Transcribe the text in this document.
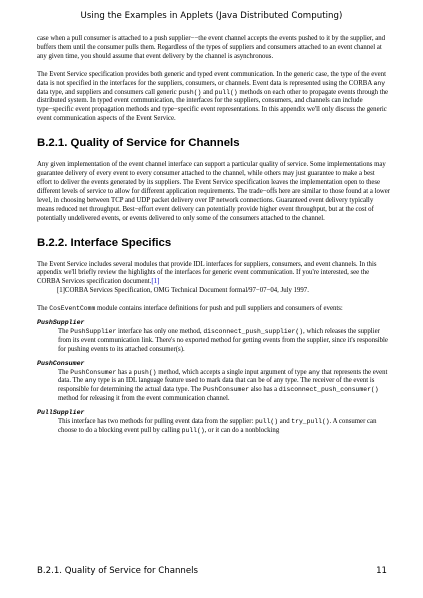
Using the Examples in Applets (Java Distributed Computing)

case when a pull consumer is attached to a push supplier−−the event channel accepts the events pushed to it by the supplier, and buffers them until the consumer pulls them. Regardless of the types of suppliers and consumers attached to an event channel at any given time, you should assume that event delivery by the channel is asynchronous.

The Event Service specification provides both generic and typed event communication. In the generic case, the type of the event data is not specified in the interfaces for the suppliers, consumers, or channels. Event data is represented using the CORBA any data type, and suppliers and consumers call generic push() and pull() methods on each other to propagate events through the distributed system. In typed event communication, the interfaces for the suppliers, consumers, and channels can include type−specific event propagation methods and type−specific event representations. In this appendix we'll only discuss the generic event communication aspects of the Event Service.

B.2.1. Quality of Service for Channels

Any given implementation of the event channel interface can support a particular quality of service. Some implementations may guarantee delivery of every event to every consumer attached to the channel, while others may just guarantee to make a best effort to deliver the events generated by its suppliers. The Event Service specification leaves the implementation open to these different levels of service to allow for different application requirements. The trade−offs here are similar to those found at a lower level, in choosing between TCP and UDP packet delivery over IP network connections. Guaranteed event delivery typically means reduced net throughput. Best−effort event delivery can potentially provide higher event throughput, but at the cost of potentially undelivered events, or events delivered to only some of the consumers attached to the channel.

B.2.2. Interface Specifics

The Event Service includes several modules that provide IDL interfaces for suppliers, consumers, and event channels. In this appendix we'll briefly review the highlights of the interfaces for generic event communication. If you're interested, see the CORBA Services specification document.[1]

[1]CORBA Services Specification, OMG Technical Document formal/97−07−04, July 1997.

The CosEventComm module contains interface definitions for push and pull suppliers and consumers of events:

PushSupplier
The PushSupplier interface has only one method, disconnect_push_supplier(), which releases the supplier from its event communication link. There's no exported method for getting events from the supplier, since it's responsible for pushing events to its attached consumer(s).
PushConsumer
The PushConsumer has a push() method, which accepts a single input argument of type any that represents the event data. The any type is an IDL language feature used to mark data that can be of any type. The receiver of the event is responsible for determining the actual data type. The PushConsumer also has a disconnect_push_consumer() method for releasing it from the event communication channel.
PullSupplier
This interface has two methods for pulling event data from the supplier: pull() and try_pull(). A consumer can choose to do a blocking event pull by calling pull(), or it can do a nonblocking
B.2.1. Quality of Service for Channels	11
